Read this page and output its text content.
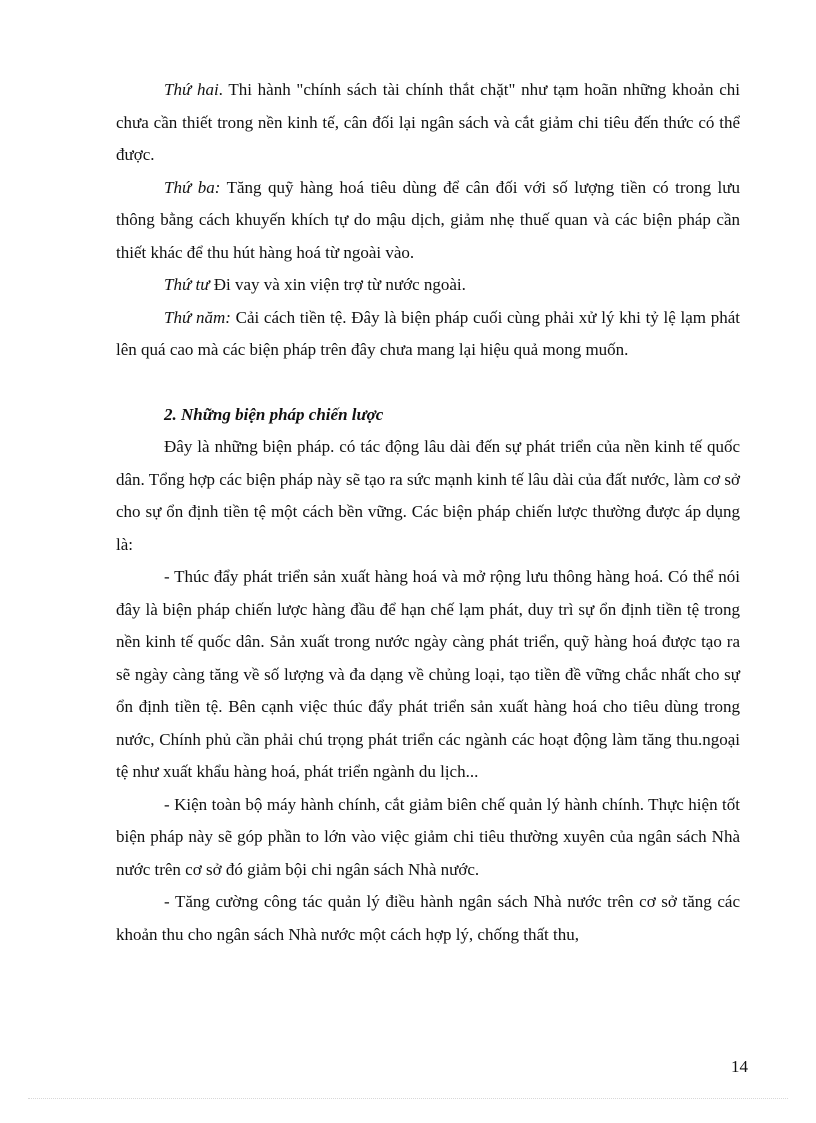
Thứ hai. Thi hành "chính sách tài chính thắt chặt" như tạm hoãn những khoản chi chưa cần thiết trong nền kinh tế, cân đối lại ngân sách và cắt giảm chi tiêu đến thức có thể được.

Thứ ba: Tăng quỹ hàng hoá tiêu dùng để cân đối với số lượng tiền có trong lưu thông bằng cách khuyến khích tự do mậu dịch, giảm nhẹ thuế quan và các biện pháp cần thiết khác để thu hút hàng hoá từ ngoài vào.

Thứ tư Đi vay và xin viện trợ từ nước ngoài.

Thứ năm: Cải cách tiền tệ. Đây là biện pháp cuối cùng phải xử lý khi tỷ lệ lạm phát lên quá cao mà các biện pháp trên đây chưa mang lại hiệu quả mong muốn.

2. Những biện pháp chiến lược

Đây là những biện pháp. có tác động lâu dài đến sự phát triển của nền kinh tế quốc dân. Tổng hợp các biện pháp này sẽ tạo ra sức mạnh kinh tế lâu dài của đất nước, làm cơ sở cho sự ổn định tiền tệ một cách bền vững. Các biện pháp chiến lược thường được áp dụng là:

- Thúc đẩy phát triển sản xuất hàng hoá và mở rộng lưu thông hàng hoá. Có thể nói đây là biện pháp chiến lược hàng đầu để hạn chế lạm phát, duy trì sự ổn định tiền tệ trong nền kinh tế quốc dân. Sản xuất trong nước ngày càng phát triển, quỹ hàng hoá được tạo ra sẽ ngày càng tăng về số lượng và đa dạng về chủng loại, tạo tiền đề vững chắc nhất cho sự ổn định tiền tệ. Bên cạnh việc thúc đẩy phát triển sản xuất hàng hoá cho tiêu dùng trong nước, Chính phủ cần phải chú trọng phát triển các ngành các hoạt động làm tăng thu.ngoại tệ như xuất khẩu hàng hoá, phát triển ngành du lịch...

- Kiện toàn bộ máy hành chính, cắt giảm biên chế quản lý hành chính. Thực hiện tốt biện pháp này sẽ góp phần to lớn vào việc giảm chi tiêu thường xuyên của ngân sách Nhà nước trên cơ sở đó giảm bội chi ngân sách Nhà nước.

- Tăng cường công tác quản lý điều hành ngân sách Nhà nước trên cơ sở tăng các khoản thu cho ngân sách Nhà nước một cách hợp lý, chống thất thu,

14
